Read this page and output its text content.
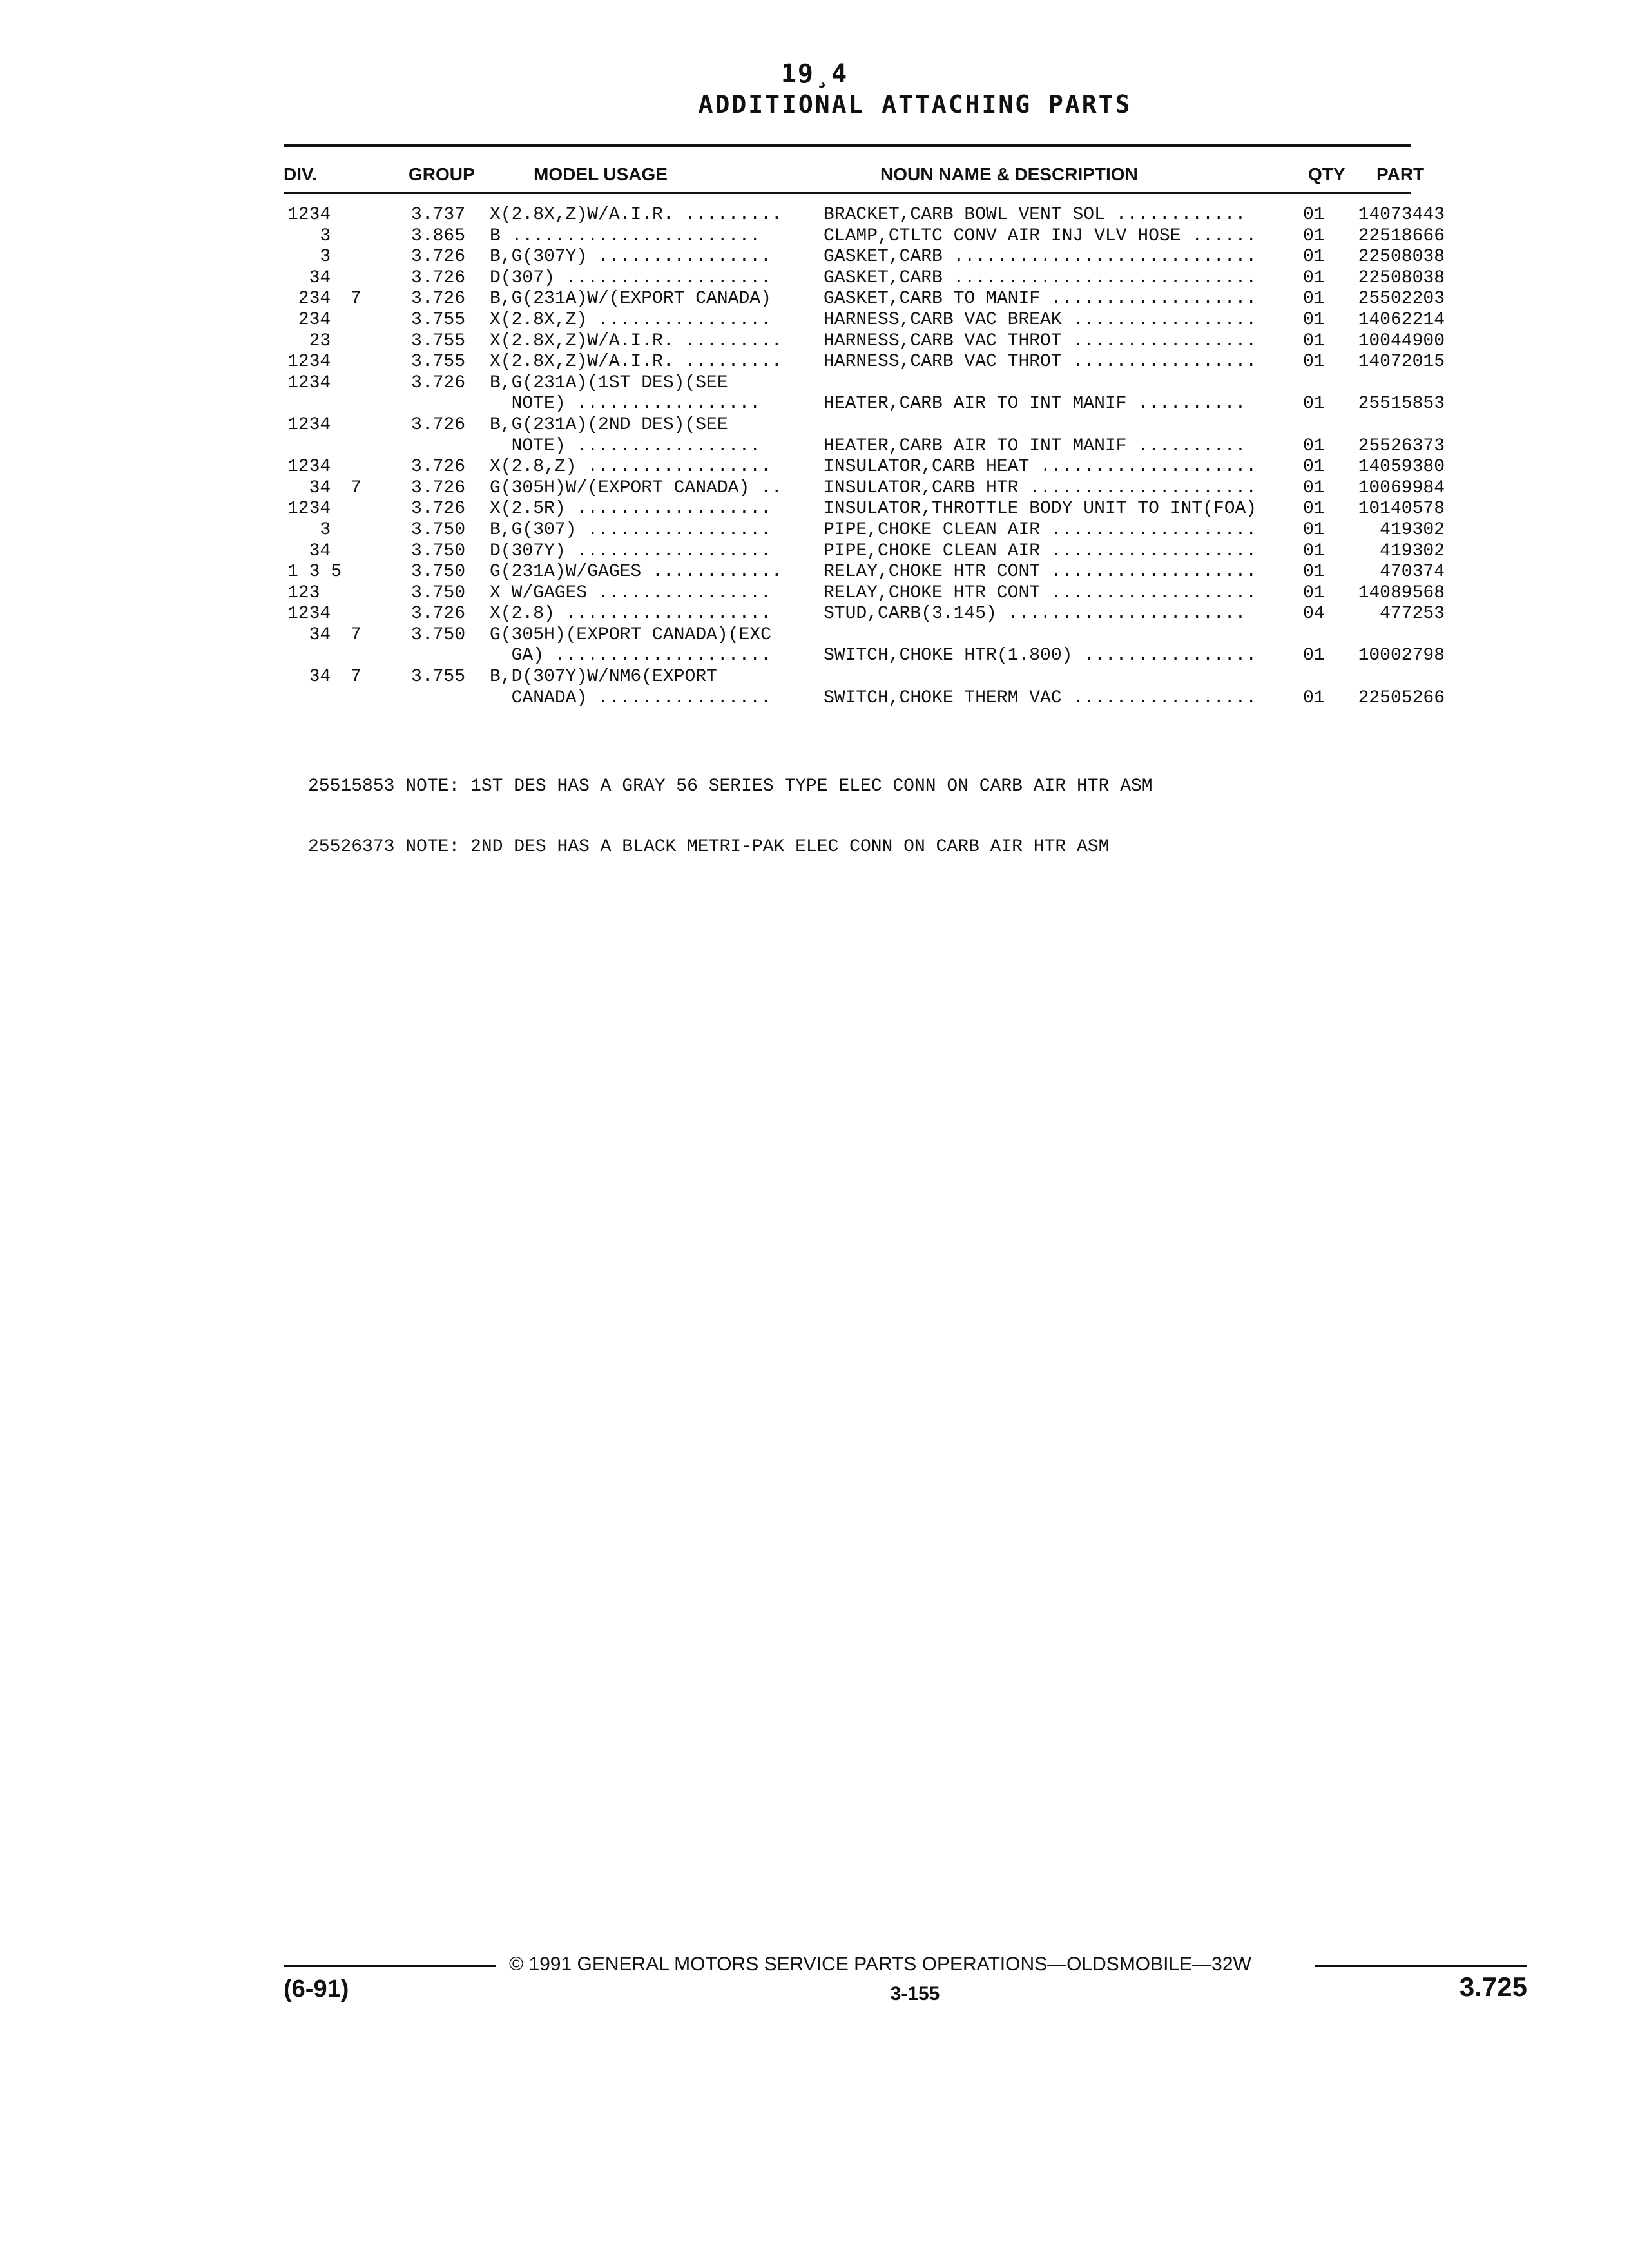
19¸4
ADDITIONAL ATTACHING PARTS
DIV.	GROUP	MODEL USAGE	NOUN NAME & DESCRIPTION	QTY PART
1234	3.737 X(2.8X,Z)W/A.I.R. .........	BRACKET,CARB BOWL VENT SOL ............	01 14073443
3	3.865 B .......................	CLAMP,CTLTC CONV AIR INJ VLV HOSE ......	01 22518666
3	3.726 B,G(307Y) ................	GASKET,CARB ............................	01 22508038
34	3.726 D(307) ...................	GASKET,CARB ............................	01 22508038
234 7	3.726 B,G(231A)W/(EXPORT CANADA)	GASKET,CARB TO MANIF ...................	01 25502203
234	3.755 X(2.8X,Z) ................	HARNESS,CARB VAC BREAK .................	01 14062214
23	3.755 X(2.8X,Z)W/A.I.R. .........	HARNESS,CARB VAC THROT .................	01 10044900
1234	3.755 X(2.8X,Z)W/A.I.R. .........	HARNESS,CARB VAC THROT .................	01 14072015
1234	3.726 B,G(231A)(1ST DES)(SEE
NOTE) .................	HEATER,CARB AIR TO INT MANIF ..........	01 25515853
1234	3.726 B,G(231A)(2ND DES)(SEE
NOTE) .................	HEATER,CARB AIR TO INT MANIF ..........	01 25526373
1234	3.726 X(2.8,Z) .................	INSULATOR,CARB HEAT ....................	01 14059380
34 7	3.726 G(305H)W/(EXPORT CANADA) ..	INSULATOR,CARB HTR .....................	01 10069984
1234	3.726 X(2.5R) ..................	INSULATOR,THROTTLE BODY UNIT TO INT(FOA)	01 10140578
3	3.750 B,G(307) .................	PIPE,CHOKE CLEAN AIR ...................	01	419302
34	3.750 D(307Y) ..................	PIPE,CHOKE CLEAN AIR ...................	01	419302
1 3 5	3.750 G(231A)W/GAGES ............	RELAY,CHOKE HTR CONT ...................	01	470374
123	3.750 X W/GAGES ................	RELAY,CHOKE HTR CONT ...................	01 14089568
1234	3.726 X(2.8) ...................	STUD,CARB(3.145) ......................	04	477253
34 7	3.750 G(305H)(EXPORT CANADA)(EXC
GA) ....................	SWITCH,CHOKE HTR(1.800) ................	01 10002798
34 7	3.755 B,D(307Y)W/NM6(EXPORT
CANADA) ................	SWITCH,CHOKE THERM VAC .................	01 22505266

25515853 NOTE: 1ST DES HAS A GRAY 56 SERIES TYPE ELEC CONN ON CARB AIR HTR ASM

25526373 NOTE: 2ND DES HAS A BLACK METRI-PAK ELEC CONN ON CARB AIR HTR ASM

© 1991 GENERAL MOTORS SERVICE PARTS OPERATIONS—OLDSMOBILE—32W
(6-91)	3-155	3.725
